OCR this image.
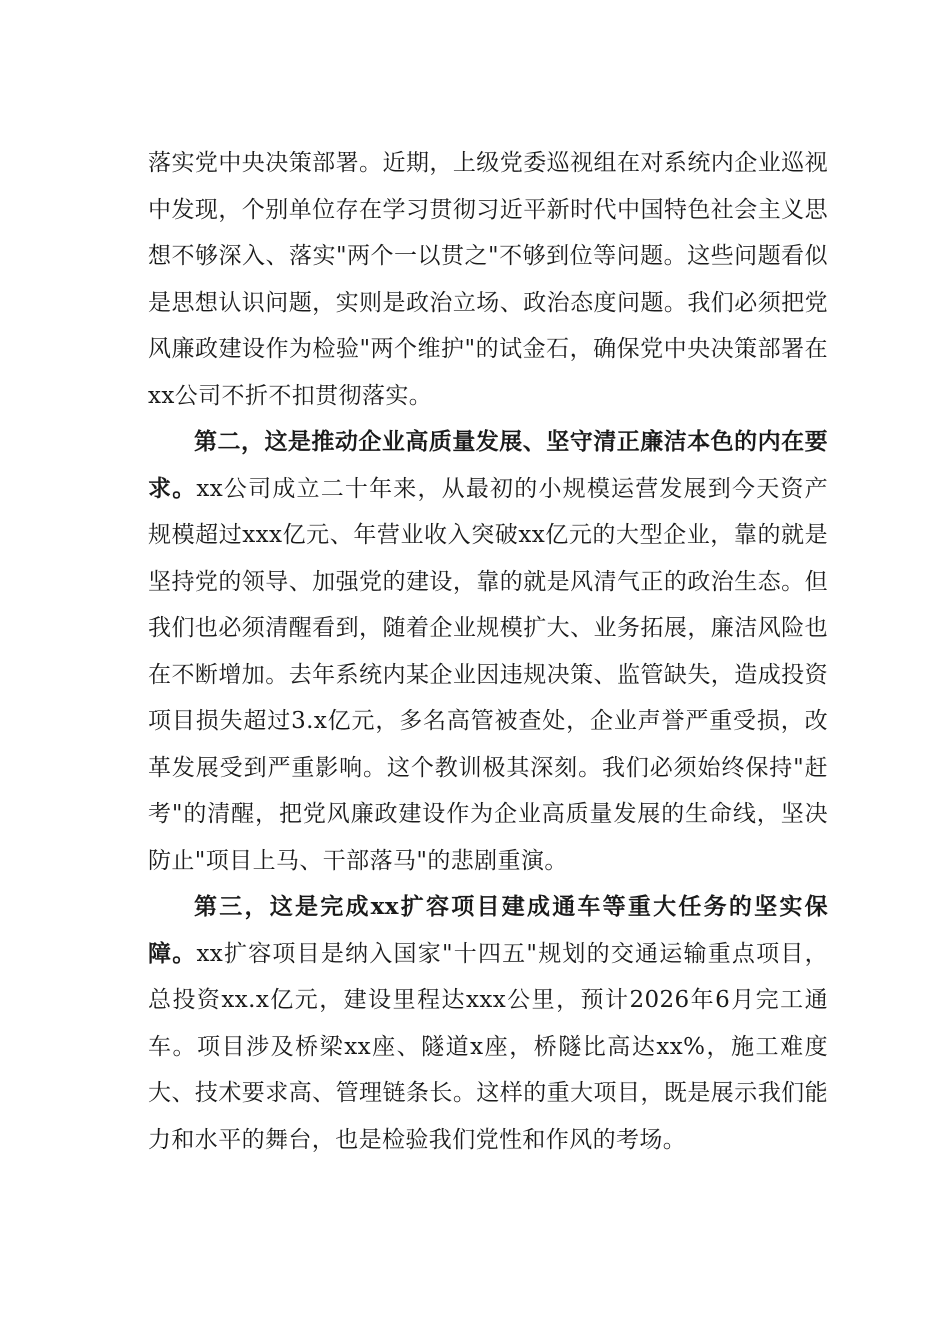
落实党中央决策部署。近期，上级党委巡视组在对系统内企业巡视中发现，个别单位存在学习贯彻习近平新时代中国特色社会主义思想不够深入、落实"两个一以贯之"不够到位等问题。这些问题看似是思想认识问题，实则是政治立场、政治态度问题。我们必须把党风廉政建设作为检验"两个维护"的试金石，确保党中央决策部署在xx公司不折不扣贯彻落实。

第二，这是推动企业高质量发展、坚守清正廉洁本色的内在要求。xx公司成立二十年来，从最初的小规模运营发展到今天资产规模超过xxx亿元、年营业收入突破xx亿元的大型企业，靠的就是坚持党的领导、加强党的建设，靠的就是风清气正的政治生态。但我们也必须清醒看到，随着企业规模扩大、业务拓展，廉洁风险也在不断增加。去年系统内某企业因违规决策、监管缺失，造成投资项目损失超过3.x亿元，多名高管被查处，企业声誉严重受损，改革发展受到严重影响。这个教训极其深刻。我们必须始终保持"赶考"的清醒，把党风廉政建设作为企业高质量发展的生命线，坚决防止"项目上马、干部落马"的悲剧重演。

第三，这是完成xx扩容项目建成通车等重大任务的坚实保障。xx扩容项目是纳入国家"十四五"规划的交通运输重点项目，总投资xx.x亿元，建设里程达xxx公里，预计2026年6月完工通车。项目涉及桥梁xx座、隧道x座，桥隧比高达xx%，施工难度大、技术要求高、管理链条长。这样的重大项目，既是展示我们能力和水平的舞台，也是检验我们党性和作风的考场。
